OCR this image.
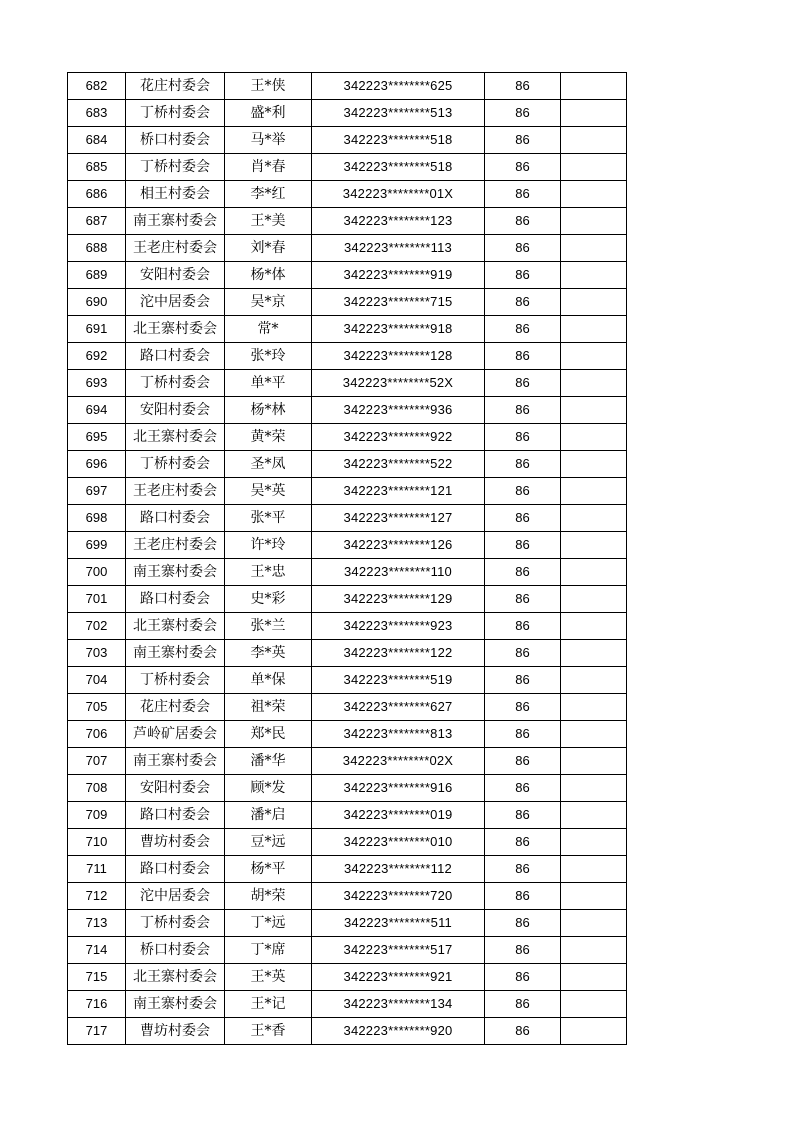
682	花庄村委会	王*侠	342223********625	86	
683	丁桥村委会	盛*利	342223********513	86	
684	桥口村委会	马*举	342223********518	86	
685	丁桥村委会	肖*春	342223********518	86	
686	相王村委会	李*红	342223********01X	86	
687	南王寨村委会	王*美	342223********123	86	
688	王老庄村委会	刘*春	342223********113	86	
689	安阳村委会	杨*体	342223********919	86	
690	沱中居委会	吴*京	342223********715	86	
691	北王寨村委会	常*	342223********918	86	
692	路口村委会	张*玲	342223********128	86	
693	丁桥村委会	单*平	342223********52X	86	
694	安阳村委会	杨*林	342223********936	86	
695	北王寨村委会	黄*荣	342223********922	86	
696	丁桥村委会	圣*凤	342223********522	86	
697	王老庄村委会	吴*英	342223********121	86	
698	路口村委会	张*平	342223********127	86	
699	王老庄村委会	许*玲	342223********126	86	
700	南王寨村委会	王*忠	342223********110	86	
701	路口村委会	史*彩	342223********129	86	
702	北王寨村委会	张*兰	342223********923	86	
703	南王寨村委会	李*英	342223********122	86	
704	丁桥村委会	单*保	342223********519	86	
705	花庄村委会	祖*荣	342223********627	86	
706	芦岭矿居委会	郑*民	342223********813	86	
707	南王寨村委会	潘*华	342223********02X	86	
708	安阳村委会	顾*发	342223********916	86	
709	路口村委会	潘*启	342223********019	86	
710	曹坊村委会	豆*远	342223********010	86	
711	路口村委会	杨*平	342223********112	86	
712	沱中居委会	胡*荣	342223********720	86	
713	丁桥村委会	丁*远	342223********511	86	
714	桥口村委会	丁*席	342223********517	86	
715	北王寨村委会	王*英	342223********921	86	
716	南王寨村委会	王*记	342223********134	86	
717	曹坊村委会	王*香	342223********920	86	
